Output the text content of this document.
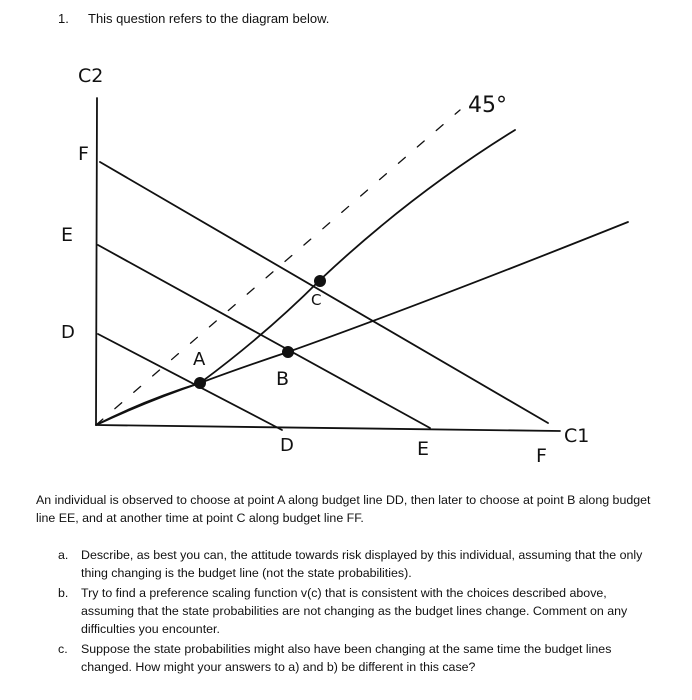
1. This question refers to the diagram below.
C2
C1
45°
D
D
E
E
F
F
A
B
C
An individual is observed to choose at point A along budget line DD, then later to choose at point B along budget line EE, and at another time at point C along budget line FF.
a. Describe, as best you can, the attitude towards risk displayed by this individual, assuming that the only thing changing is the budget line (not the state probabilities).
b. Try to find a preference scaling function v(c) that is consistent with the choices described above, assuming that the state probabilities are not changing as the budget lines change. Comment on any difficulties you encounter.
c. Suppose the state probabilities might also have been changing at the same time the budget lines changed. How might your answers to a) and b) be different in this case?
